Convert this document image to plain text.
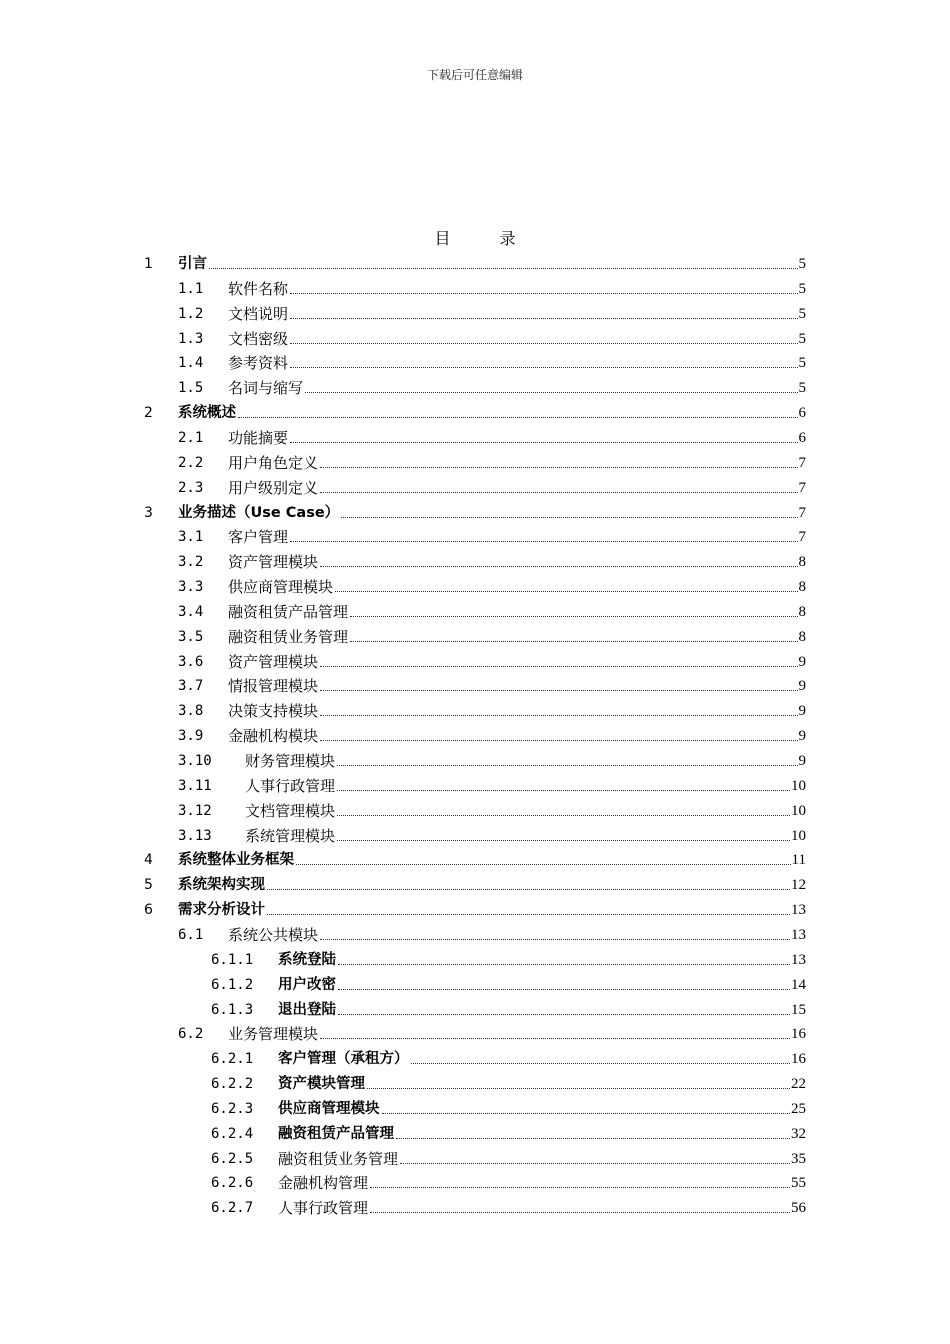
下载后可任意编辑
目 录
1 引言	5
1.1 软件名称	5
1.2 文档说明	5
1.3 文档密级	5
1.4 参考资料	5
1.5 名词与缩写	5
2 系统概述	6
2.1 功能摘要	6
2.2 用户角色定义	7
2.3 用户级别定义	7
3 业务描述（Use Case）	7
3.1 客户管理	7
3.2 资产管理模块	8
3.3 供应商管理模块	8
3.4 融资租赁产品管理	8
3.5 融资租赁业务管理	8
3.6 资产管理模块	9
3.7 情报管理模块	9
3.8 决策支持模块	9
3.9 金融机构模块	9
3.10 财务管理模块	9
3.11 人事行政管理	10
3.12 文档管理模块	10
3.13 系统管理模块	10
4 系统整体业务框架	11
5 系统架构实现	12
6 需求分析设计	13
6.1 系统公共模块	13
6.1.1 系统登陆	13
6.1.2 用户改密	14
6.1.3 退出登陆	15
6.2 业务管理模块	16
6.2.1 客户管理（承租方）	16
6.2.2 资产模块管理	22
6.2.3 供应商管理模块	25
6.2.4 融资租赁产品管理	32
6.2.5 融资租赁业务管理	35
6.2.6 金融机构管理	55
6.2.7 人事行政管理	56
